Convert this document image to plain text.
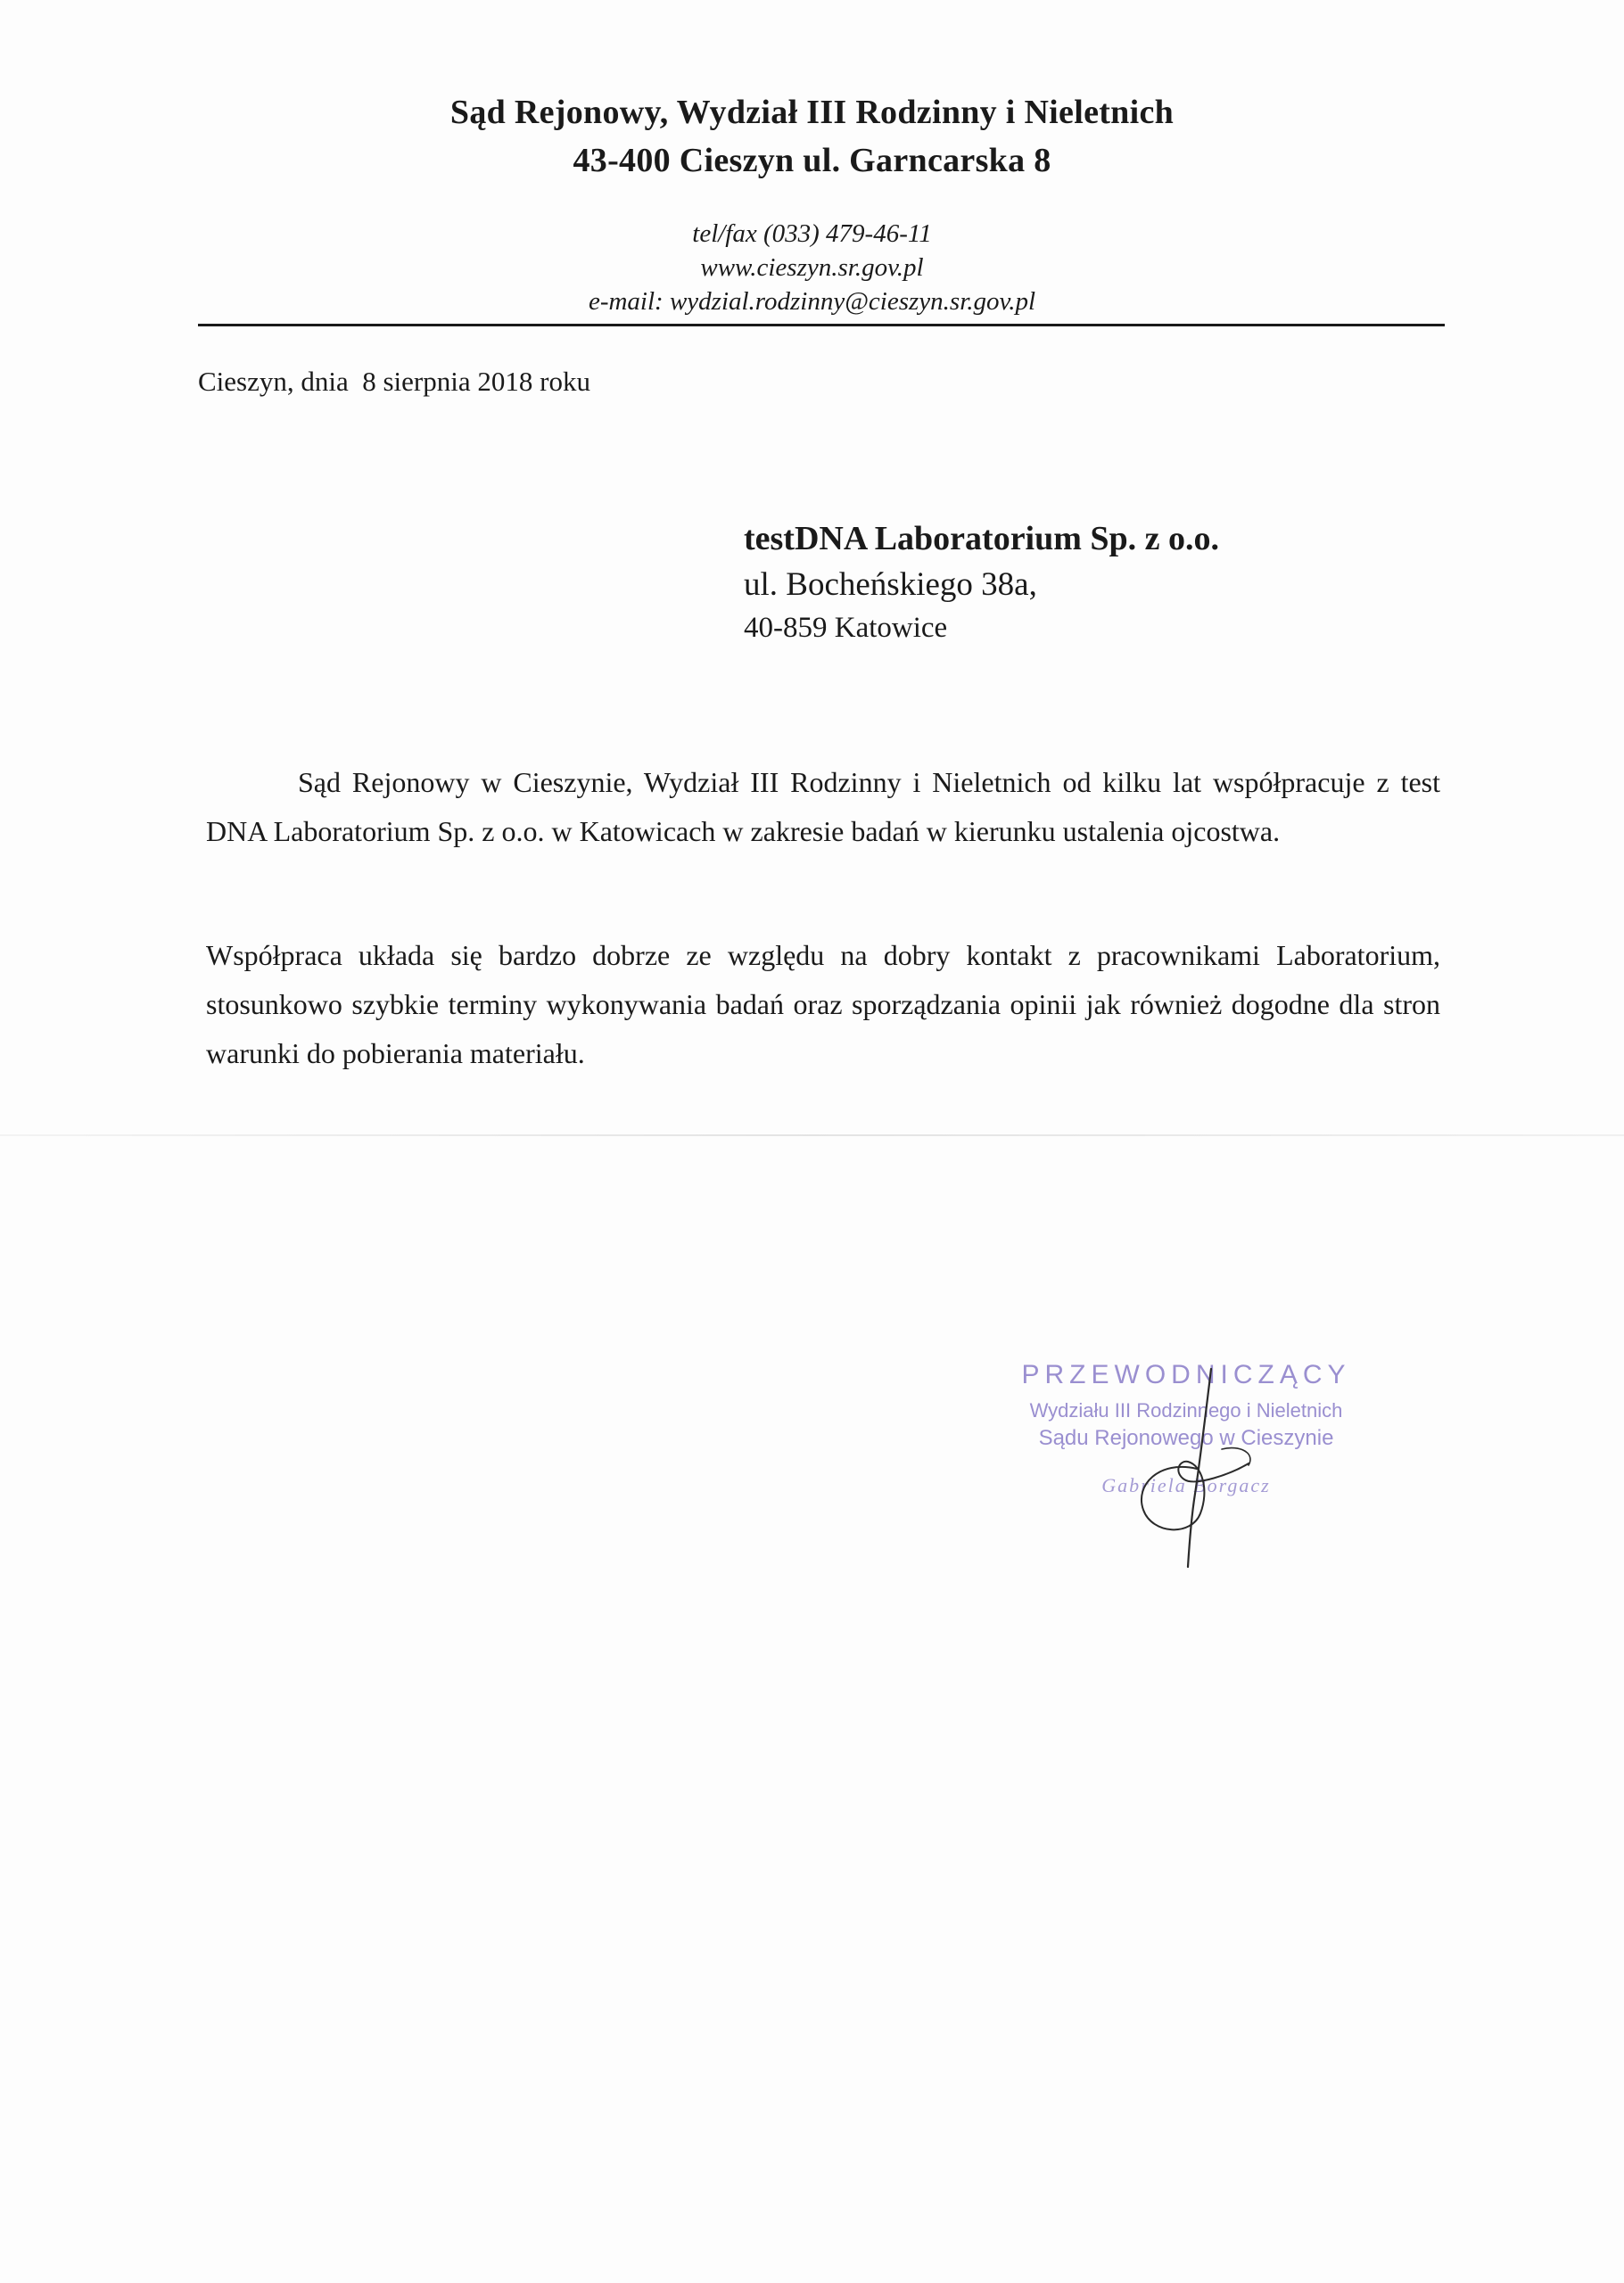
Sąd Rejonowy, Wydział III Rodzinny i Nieletnich
43-400 Cieszyn ul. Garncarska 8
tel/fax (033) 479-46-11
www.cieszyn.sr.gov.pl
e-mail: wydzial.rodzinny@cieszyn.sr.gov.pl
Cieszyn, dnia  8 sierpnia 2018 roku
testDNA Laboratorium Sp. z o.o.
ul. Bocheńskiego 38a,
40-859 Katowice
Sąd Rejonowy w Cieszynie, Wydział III Rodzinny i Nieletnich od kilku lat współpracuje z test DNA Laboratorium Sp. z o.o. w Katowicach w zakresie badań w kierunku ustalenia ojcostwa.
Współpraca układa się bardzo dobrze ze względu na dobry kontakt z pracownikami Laboratorium, stosunkowo szybkie terminy wykonywania badań oraz sporządzania opinii jak również dogodne dla stron warunki do pobierania materiału.
PRZEWODNICZĄCY
Wydziału III Rodzinnego i Nieletnich
Sądu Rejonowego w Cieszynie
Gabriela Borgacz
